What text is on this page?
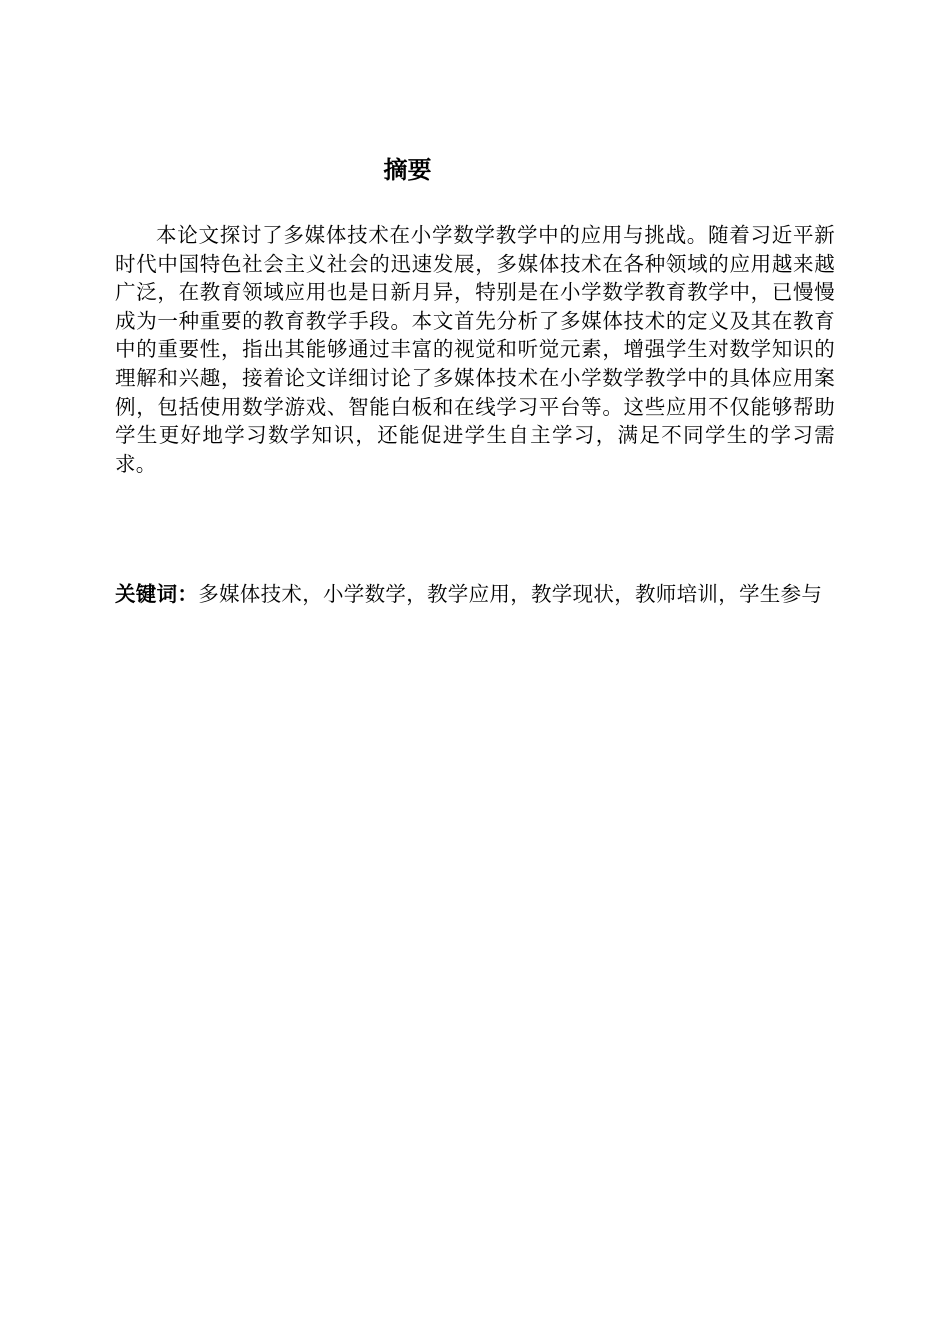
摘要

本论文探讨了多媒体技术在小学数学教学中的应用与挑战。随着习近平新时代中国特色社会主义社会的迅速发展，多媒体技术在各种领域的应用越来越广泛，在教育领域应用也是日新月异，特别是在小学数学教育教学中，已慢慢成为一种重要的教育教学手段。本文首先分析了多媒体技术的定义及其在教育中的重要性，指出其能够通过丰富的视觉和听觉元素，增强学生对数学知识的理解和兴趣，接着论文详细讨论了多媒体技术在小学数学教学中的具体应用案例，包括使用数学游戏、智能白板和在线学习平台等。这些应用不仅能够帮助学生更好地学习数学知识，还能促进学生自主学习，满足不同学生的学习需求。

关键词：多媒体技术，小学数学，教学应用，教学现状，教师培训，学生参与
